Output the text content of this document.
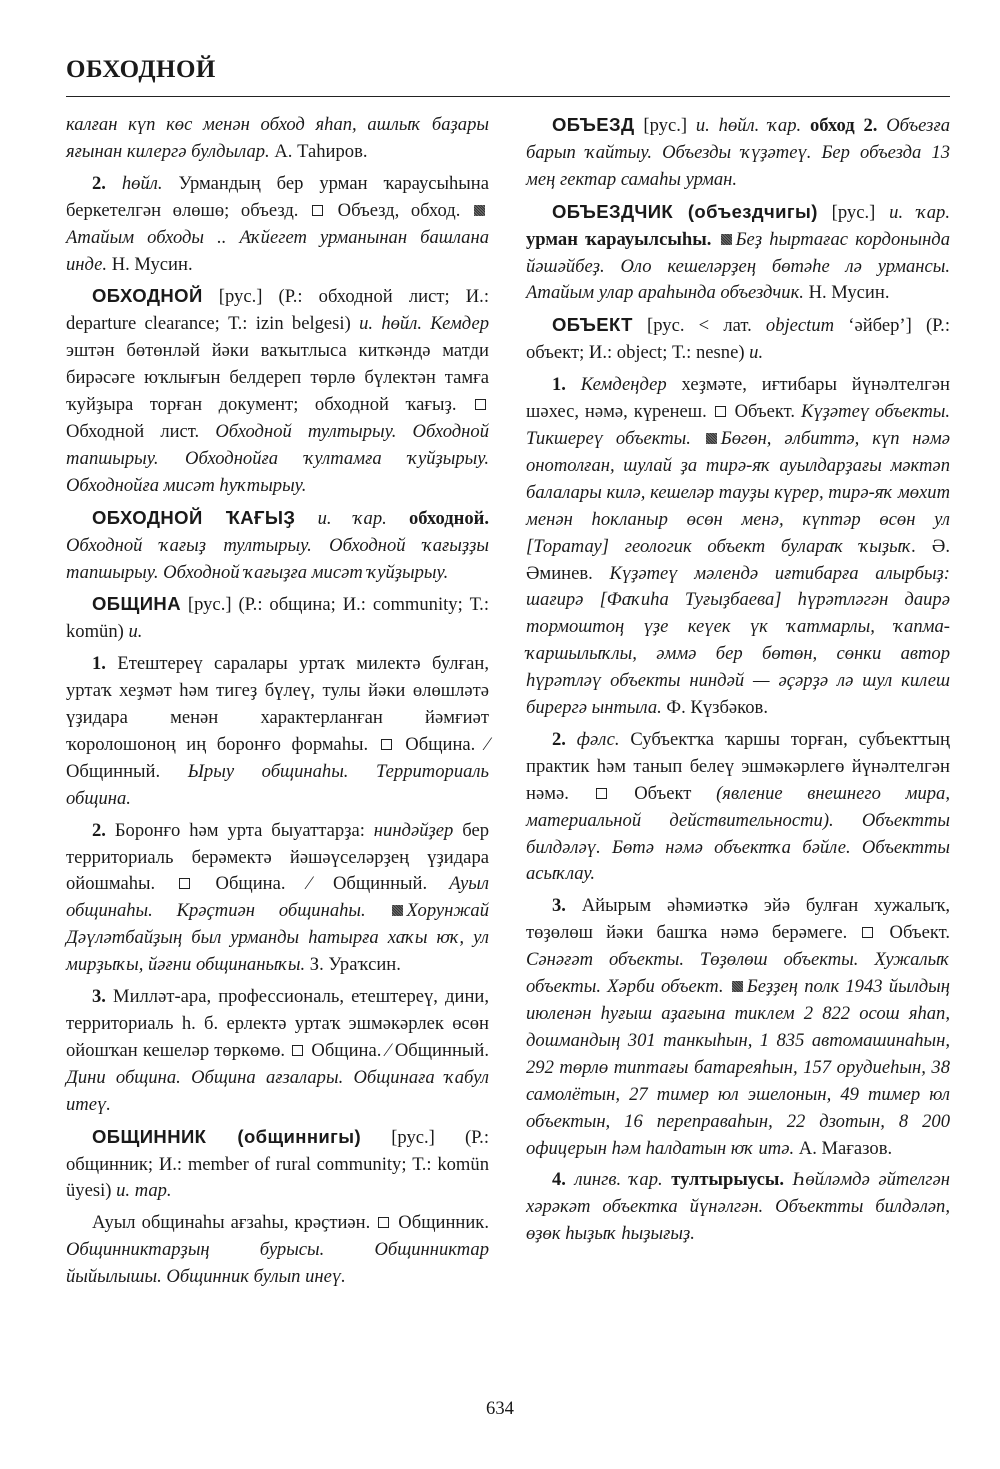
ОБХОДНОЙ

калған күп көс менән обход яһап, ашлыҡ баҙары яғынан килергә булдылар. А. Таһиров.

2. һөйл. Урмандың бер урман ҡараусыһына беркетелгән өлөшө; объезд.  Объезд, обход. Атайым обходы .. Аҡйегет урманынан башлана инде. Н. Мусин.

ОБХОДНОЙ [рус.] (Р.: обходной лист; И.: departure clearance; Т.: izin belgesi) и. һөйл. Кемдер эштән бөтөнләй йәки ваҡытлыса киткәндә матди бирәсәге юҡлығын белдереп төрлө бүлектән тамға ҡуйҙыра торған документ; обходной ҡағыҙ.  Обходной лист. Обходной тултырыу. Обходной тапшырыу. Обходнойға ҡултамға ҡуйҙырыу. Обходнойға мисәт һуҡтырыу.

ОБХОДНОЙ ҠАҒЫҘ и. ҡар. обходной. Обходной ҡағыҙ тултырыу. Обходной ҡағыҙҙы тапшырыу. Обходной ҡағыҙға мисәт ҡуйҙырыу.

ОБЩИНА [рус.] (Р.: община; И.: community; Т.: komün) и.

1. Етештереү саралары уртаҡ милектә булған, уртаҡ хеҙмәт һәм тигеҙ бүлеү, тулы йәки өлөшләтә үҙидара менән характерланған йәмғиәт ҡоролошоноң иң боронғо формаһы.  Община. ⁄ Общинный. Ырыу общинаһы. Территориаль община.

2. Боронғо һәм урта быуаттарҙа: ниндәйҙер бер территориаль берәмектә йәшәүселәрҙең үҙидара ойошмаһы.  Община. ⁄ Общинный. Ауыл общинаһы. Крәҫтиән общинаһы. Хорунжай Дәүләтбайҙың был урманды һатырға хаҡы юҡ, ул мирҙыҡы, йәғни общинаныҡы. З. Ураҡсин.

3. Милләт-ара, профессиональ, етештереү, дини, территориаль һ. б. ерлектә уртаҡ эшмәкәрлек өсөн ойошҡан кешеләр төркөмө.  Община. ⁄ Общинный. Дини община. Община ағзалары. Общинаға ҡабул итеү.

ОБЩИННИК (общиннигы) [рус.] (Р.: общинник; И.: member of rural community; Т.: komün üyesi) и. тар.

Ауыл общинаһы ағзаһы, крәҫтиән.  Общинник. Общинниктарҙың бурысы. Общинниктар йыйылышы. Общинник булып инеү.

ОБЪЕЗД [рус.] и. һөйл. ҡар. обход 2. Объезға барып ҡайтыу. Объезды ҡүҙәтеү. Бер объезда 13 мең гектар самаһы урман.

ОБЪЕЗДЧИК (объездчигы) [рус.] и. ҡар. урман ҡарауылсыһы. Беҙ һыртағас кордонында йәшәйбеҙ. Оло кешеләрҙең бөтәһе лә урмансы. Атайым улар араһында объездчик. Н. Мусин.

ОБЪЕКТ [рус. < лат. objectum ‘әйбер’] (Р.: объект; И.: object; Т.: nesne) и.

1. Кемдеңдер хеҙмәте, иғтибары йүнәлтелгән шәхес, нәмә, күренеш.  Объект. Күҙәтеү объекты. Тикшереү объекты. Бөгөн, әлбиттә, күп нәмә онотолған, шулай ҙа тирә-яҡ ауылдарҙағы мәктәп балалары килә, кешеләр тауҙы күрер, тирә-яҡ мөхит менән һокланыр өсөн менә, күптәр өсөн ул [Торатау] геологик объект булараҡ ҡыҙыҡ. Ә. Әминев. Күҙәтеү мәлендә иғтибарға алырбыҙ: шағирә [Фаҡиһа Туғыҙбаева] һүрәтләгән даирә тормоштоң үҙе кеүек үк ҡатмарлы, ҡапма-ҡаршылыҡлы, әммә бер бөтөн, сөнки автор һүрәтләү объекты ниндәй — әҫәрҙә лә шул килеш бирергә ынтыла. Ф. Күзбәков.

2. фәлс. Субъектҡа ҡаршы торған, субъекттың практик һәм танып белеү эшмәкәрлегө йүнәлтелгән нәмә.  Объект (явление внешнего мира, материальной действительности). Объектты билдәләү. Бөтә нәмә объектҡа бәйле. Объектты асыҡлау.

3. Айырым әһәмиәткә эйә булған хужалыҡ, төҙөлөш йәки башҡа нәмә берәмеге.  Объект. Сәнәғәт объекты. Төҙөлөш объекты. Хужалыҡ объекты. Хәрби объект. Беҙҙең полк 1943 йылдың июленән һуғыш аҙағына тиклем 2 822 осош яһап, дошмандың 301 танкыһын, 1 835 автомашинаһын, 292 төрлө типтағы батареяһын, 157 орудиеһын, 38 самолётын, 27 тимер юл эшелонын, 49 тимер юл объектын, 16 переправаһын, 22 дзотын, 8 200 офицерын һәм һалдатын юҡ итә. А. Мағазов.

4. лингв. ҡар. тултырыусы. Һөйләмдә әйтелгән хәрәкәт объектка йүнәлгән. Объектты билдәләп, өҙөк һыҙыҡ һыҙығыҙ.

634
